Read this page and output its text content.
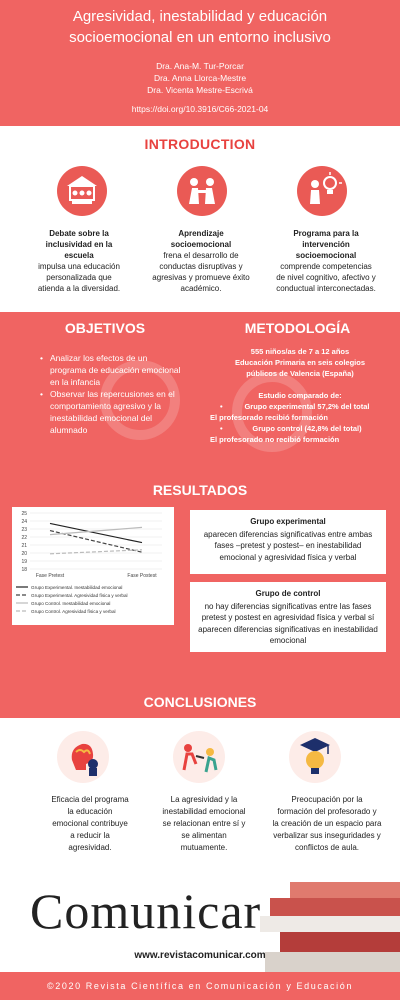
Agresividad, inestabilidad y educación
socioemocional en un entorno inclusivo
Dra. Ana-M. Tur-Porcar
Dra. Anna Llorca-Mestre
Dra. Vicenta Mestre-Escrivá
https://doi.org/10.3916/C66-2021-04
INTRODUCTION
Debate sobre la
inclusividad en la
escuela
impulsa una educación
personalizada que
atienda a la diversidad.
Aprendizaje
socioemocional
frena el desarrollo de
conductas disruptivas y
agresivas y promueve éxito
académico.
Programa para la
intervención
socioemocional
comprende competencias
de nivel cognitivo, afectivo y
conductual interconectadas.
OBJETIVOS
• Analizar los efectos de un programa de educación emocional en la infancia
• Observar las repercusiones en el comportamiento agresivo y la inestabilidad emocional del alumnado
METODOLOGÍA
555 niños/as de 7 a 12 años
Educación Primaria en seis colegios
públicos de Valencia (España)
Estudio comparado de:
• Grupo experimental 57,2% del total
El profesorado recibió formación
• Grupo control (42,8% del total)
El profesorado no recibió formación
RESULTADOS
18
19
20
21
22
23
24
25
Fase Pretest	Fase Postest
Grupo Experimental. Inestabilidad emocional
Grupo Experimental. Agresividad física y verbal
Grupo Control. Inestabilidad emocional
Grupo Control. Agresividad física y verbal
Análisis comparativos fase pretest y postest
Grupo experimental
aparecen diferencias significativas entre ambas fases –pretest y postest– en inestabilidad emocional y agresividad física y verbal
Grupo de control
no hay diferencias significativas entre las fases pretest y postest en agresividad física y verbal sí aparecen diferencias significativas en inestabilidad emocional
CONCLUSIONES
Eficacia del programa
la educación
emocional contribuye
a reducir la
agresividad.
La agresividad y la
inestabilidad emocional
se relacionan entre sí y
se alimentan
mutuamente.
Preocupación por la
formación del profesorado y
la creación de un espacio para
verbalizar sus inseguridades y
conflictos de aula.
Comunicar
www.revistacomunicar.com
©2020 Revista Científica en Comunicación y Educación
